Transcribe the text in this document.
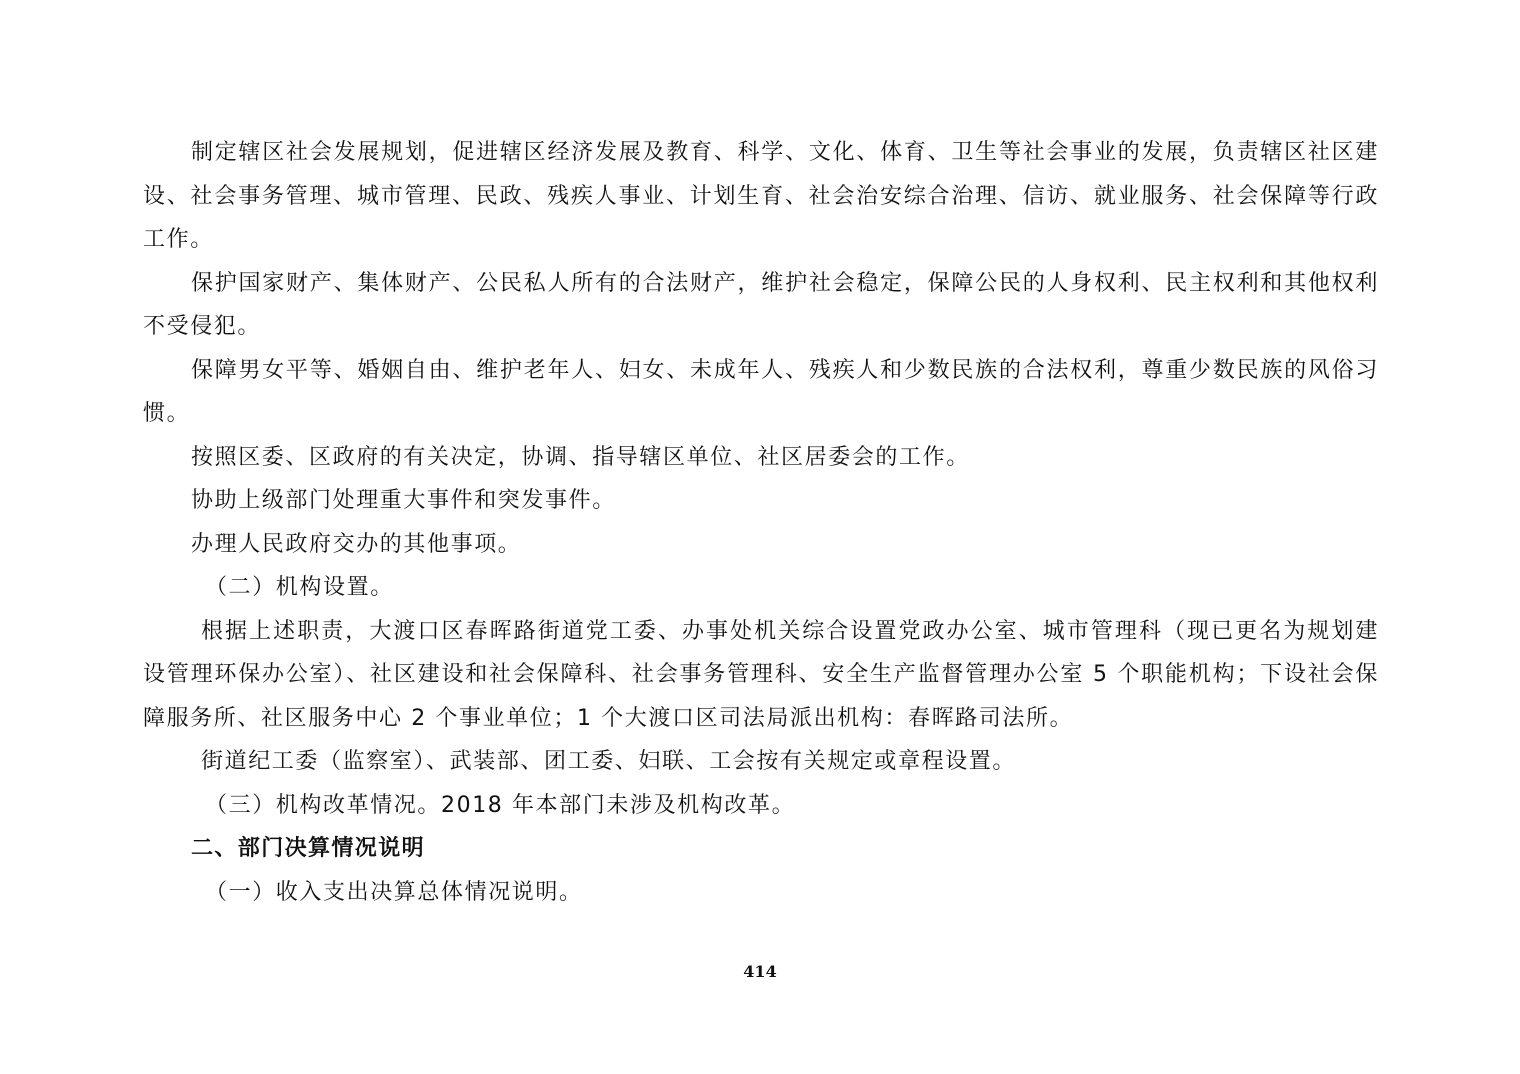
制定辖区社会发展规划，促进辖区经济发展及教育、科学、文化、体育、卫生等社会事业的发展，负责辖区社区建设、社会事务管理、城市管理、民政、残疾人事业、计划生育、社会治安综合治理、信访、就业服务、社会保障等行政工作。

保护国家财产、集体财产、公民私人所有的合法财产，维护社会稳定，保障公民的人身权利、民主权利和其他权利不受侵犯。

保障男女平等、婚姻自由、维护老年人、妇女、未成年人、残疾人和少数民族的合法权利，尊重少数民族的风俗习惯。

按照区委、区政府的有关决定，协调、指导辖区单位、社区居委会的工作。

协助上级部门处理重大事件和突发事件。

办理人民政府交办的其他事项。

（二）机构设置。

根据上述职责，大渡口区春晖路街道党工委、办事处机关综合设置党政办公室、城市管理科（现已更名为规划建设管理环保办公室）、社区建设和社会保障科、社会事务管理科、安全生产监督管理办公室 5 个职能机构；下设社会保障服务所、社区服务中心 2 个事业单位；1 个大渡口区司法局派出机构：春晖路司法所。

街道纪工委（监察室）、武装部、团工委、妇联、工会按有关规定或章程设置。

（三）机构改革情况。2018 年本部门未涉及机构改革。

二、部门决算情况说明

（一）收入支出决算总体情况说明。

414
